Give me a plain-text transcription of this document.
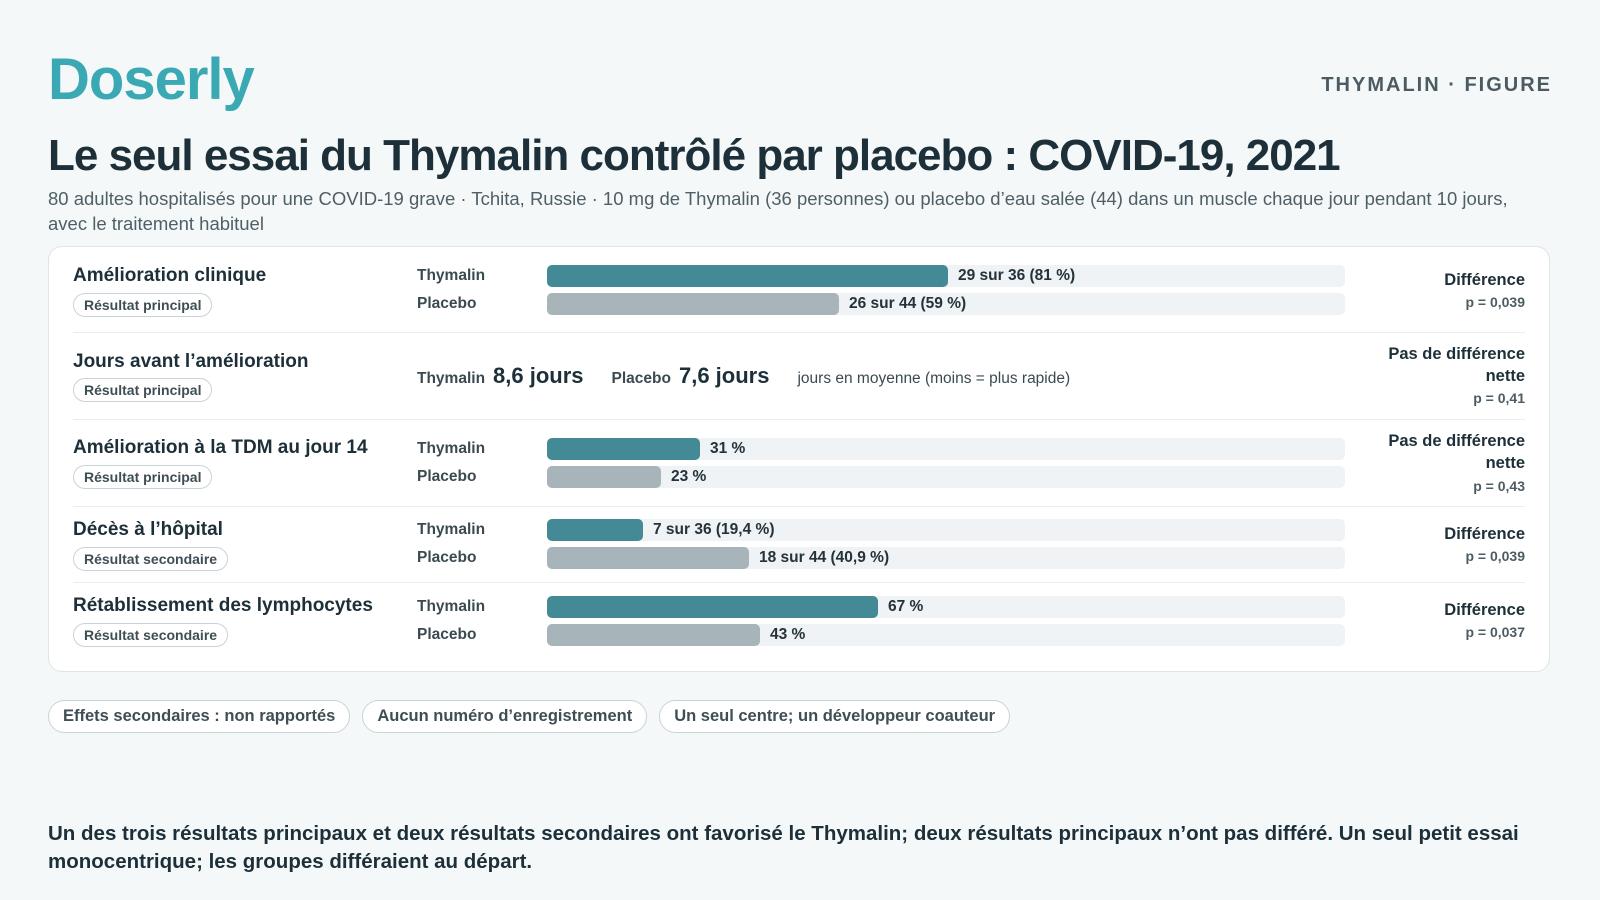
Doserly	THYMALIN · FIGURE
Le seul essai du Thymalin contrôlé par placebo : COVID-19, 2021

80 adultes hospitalisés pour une COVID-19 grave · Tchita, Russie · 10 mg de Thymalin (36 personnes) ou placebo d’eau salée (44) dans un muscle chaque jour pendant 10 jours, avec le traitement habituel

Amélioration clinique
Résultat principal
Thymalin	29 sur 36 (81 %)
Placebo	26 sur 44 (59 %)
Différence
p = 0,039
Jours avant l’amélioration
Résultat principal
Thymalin 8,6 jours Placebo 7,6 jours jours en moyenne (moins = plus rapide)
Pas de différence nette
p = 0,41
Amélioration à la TDM au jour 14
Résultat principal
Thymalin	31 %
Placebo	23 %
Pas de différence nette
p = 0,43
Décès à l’hôpital
Résultat secondaire
Thymalin	7 sur 36 (19,4 %)
Placebo	18 sur 44 (40,9 %)
Différence
p = 0,039
Rétablissement des lymphocytes
Résultat secondaire
Thymalin	67 %
Placebo	43 %
Différence
p = 0,037
Effets secondaires : non rapportés	Aucun numéro d’enregistrement	Un seul centre; un développeur coauteur

Un des trois résultats principaux et deux résultats secondaires ont favorisé le Thymalin; deux résultats principaux n’ont pas différé. Un seul petit essai monocentrique; les groupes différaient au départ.
